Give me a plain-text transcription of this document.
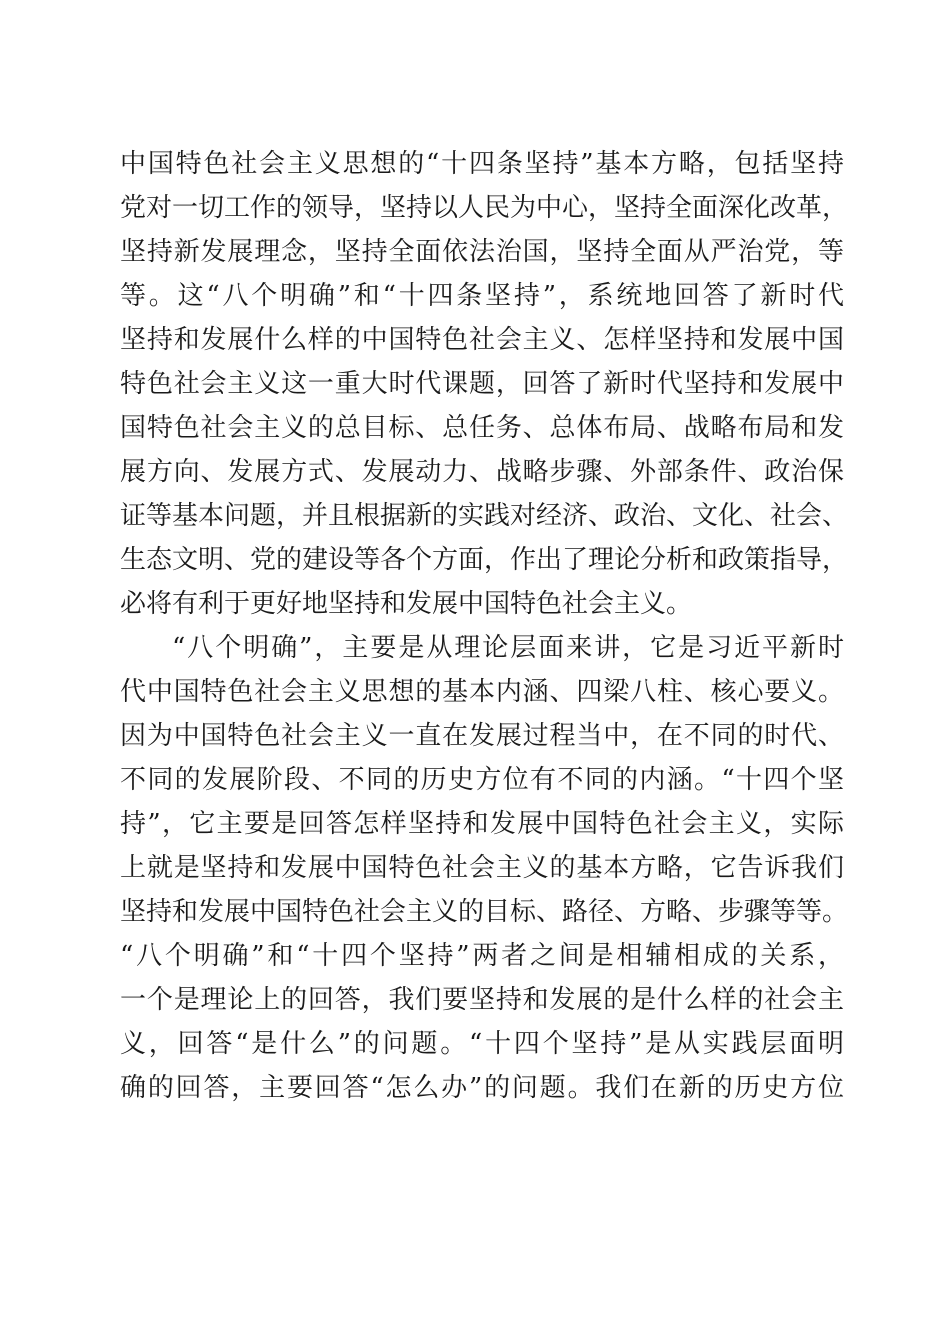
中国特色社会主义思想的“十四条坚持”基本方略，包括坚持
党对一切工作的领导，坚持以人民为中心，坚持全面深化改革，
坚持新发展理念，坚持全面依法治国，坚持全面从严治党，等
等。这“八个明确”和“十四条坚持”，系统地回答了新时代
坚持和发展什么样的中国特色社会主义、怎样坚持和发展中国
特色社会主义这一重大时代课题，回答了新时代坚持和发展中
国特色社会主义的总目标、总任务、总体布局、战略布局和发
展方向、发展方式、发展动力、战略步骤、外部条件、政治保
证等基本问题，并且根据新的实践对经济、政治、文化、社会、
生态文明、党的建设等各个方面，作出了理论分析和政策指导，
必将有利于更好地坚持和发展中国特色社会主义。
“八个明确”，主要是从理论层面来讲，它是习近平新时
代中国特色社会主义思想的基本内涵、四梁八柱、核心要义。
因为中国特色社会主义一直在发展过程当中，在不同的时代、
不同的发展阶段、不同的历史方位有不同的内涵。“十四个坚
持”，它主要是回答怎样坚持和发展中国特色社会主义，实际
上就是坚持和发展中国特色社会主义的基本方略，它告诉我们
坚持和发展中国特色社会主义的目标、路径、方略、步骤等等。
“八个明确”和“十四个坚持”两者之间是相辅相成的关系，
一个是理论上的回答，我们要坚持和发展的是什么样的社会主
义，回答“是什么”的问题。“十四个坚持”是从实践层面明
确的回答，主要回答“怎么办”的问题。我们在新的历史方位
